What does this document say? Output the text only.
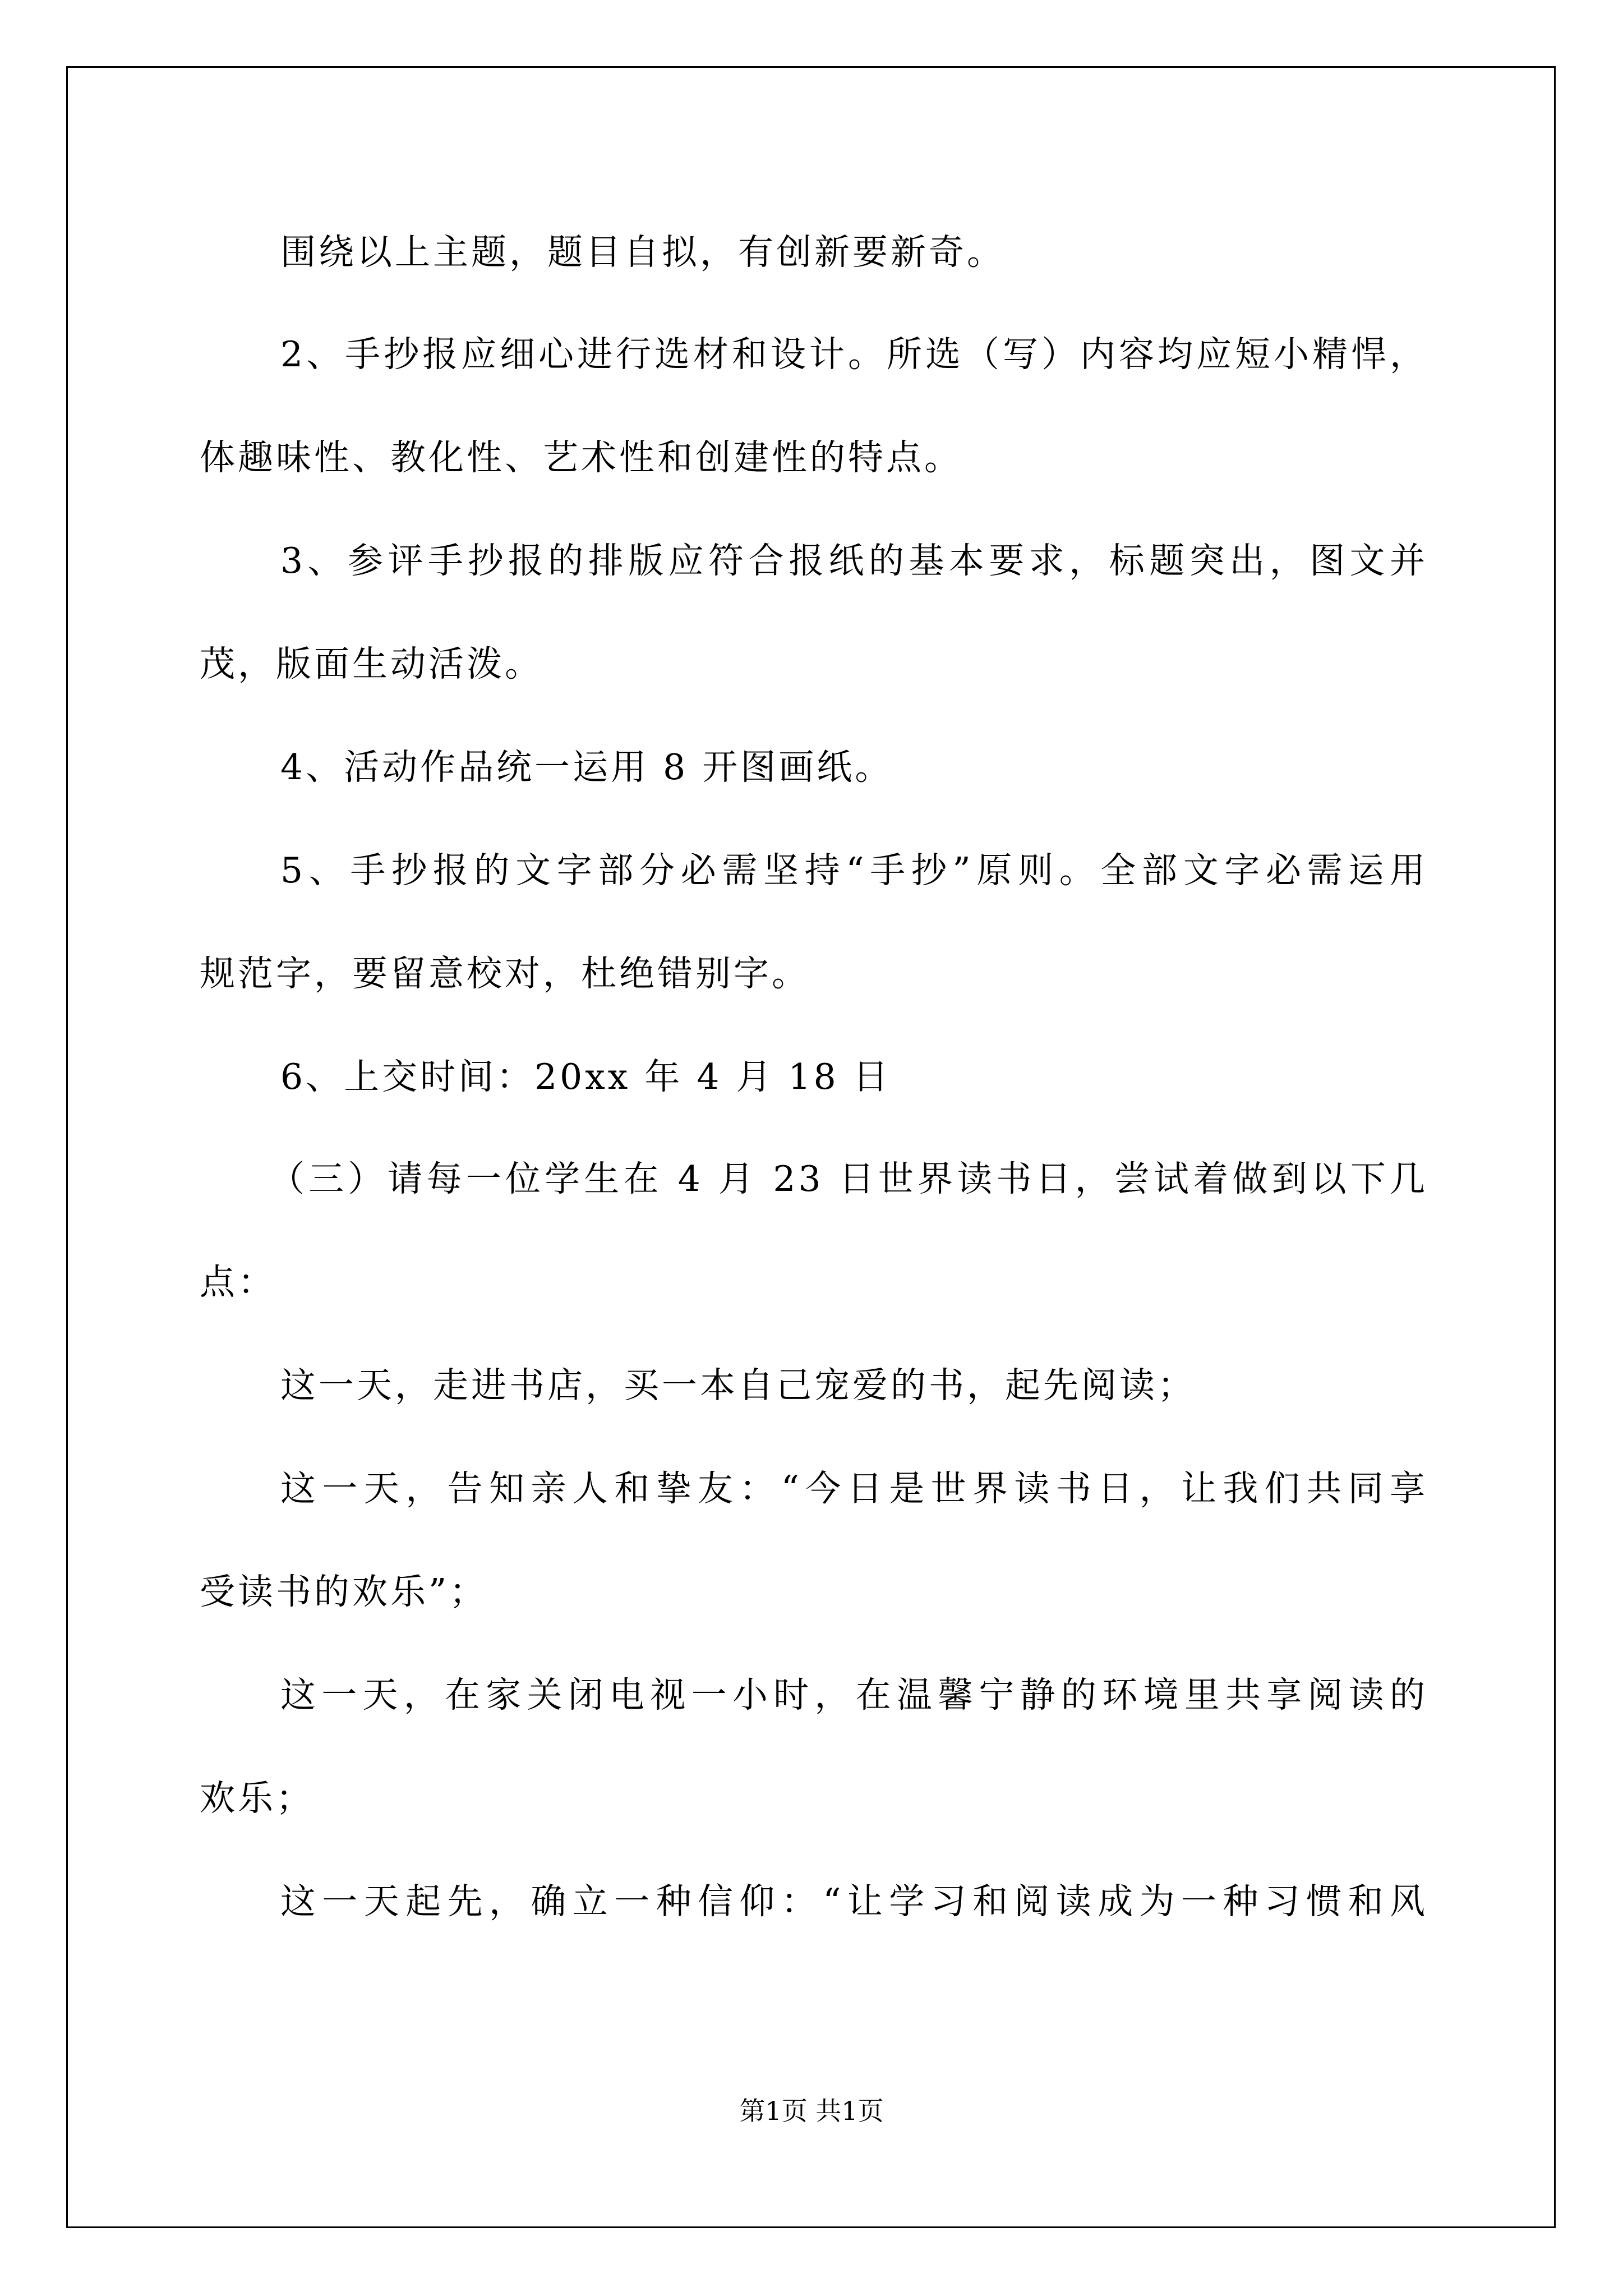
围绕以上主题，题目自拟，有创新要新奇。
2、手抄报应细心进行选材和设计。所选（写）内容均应短小精悍，
体趣味性、教化性、艺术性和创建性的特点。
3、参评手抄报的排版应符合报纸的基本要求，标题突出，图文并
茂，版面生动活泼。
4、活动作品统一运用 8 开图画纸。
5、手抄报的文字部分必需坚持“手抄”原则。全部文字必需运用
规范字，要留意校对，杜绝错别字。
6、上交时间：20xx 年 4 月 18 日
（三）请每一位学生在 4 月 23 日世界读书日，尝试着做到以下几
点：
这一天，走进书店，买一本自己宠爱的书，起先阅读；
这一天，告知亲人和挚友：“今日是世界读书日，让我们共同享
受读书的欢乐”；
这一天，在家关闭电视一小时，在温馨宁静的环境里共享阅读的
欢乐；
这一天起先，确立一种信仰：“让学习和阅读成为一种习惯和风
第1页 共1页
